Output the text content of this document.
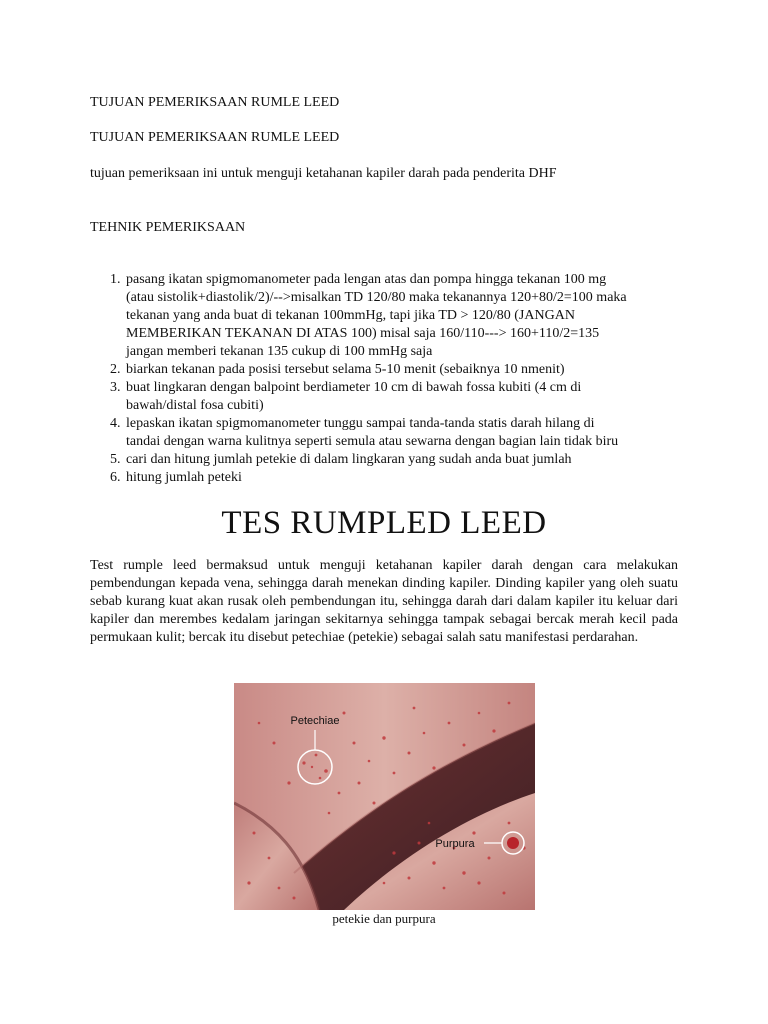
TUJUAN PEMERIKSAAN RUMLE LEED

TUJUAN PEMERIKSAAN RUMLE LEED

tujuan pemeriksaan ini untuk menguji ketahanan kapiler darah pada penderita DHF

TEHNIK PEMERIKSAAN

1. pasang ikatan spigmomanometer pada lengan atas dan pompa hingga tekanan 100 mg
(atau sistolik+diastolik/2)/-->misalkan TD 120/80 maka tekanannya 120+80/2=100 maka
tekanan yang anda buat di tekanan 100mmHg, tapi jika TD > 120/80 (JANGAN
MEMBERIKAN TEKANAN DI ATAS 100) misal saja 160/110---> 160+110/2=135
jangan memberi tekanan 135 cukup di 100 mmHg saja
2. biarkan tekanan pada posisi tersebut selama 5-10 menit (sebaiknya 10 nmenit)
3. buat lingkaran dengan balpoint berdiameter 10 cm di bawah fossa kubiti (4 cm di
bawah/distal fosa cubiti)
4. lepaskan ikatan spigmomanometer tunggu sampai tanda-tanda statis darah hilang di
tandai dengan warna kulitnya seperti semula atau sewarna dengan bagian lain tidak biru
5. cari dan hitung jumlah petekie di dalam lingkaran yang sudah anda buat jumlah
6. hitung jumlah peteki
TES RUMPLED LEED

Test rumple leed bermaksud untuk menguji ketahanan kapiler darah dengan cara melakukan pembendungan kepada vena, sehingga darah menekan dinding kapiler. Dinding kapiler yang oleh suatu sebab kurang kuat akan rusak oleh pembendungan itu, sehingga darah dari dalam kapiler itu keluar dari kapiler dan merembes kedalam jaringan sekitarnya sehingga tampak sebagai bercak merah kecil pada permukaan kulit; bercak itu disebut petechiae (petekie) sebagai salah satu manifestasi perdarahan.

Petechiae
Purpura

petekie dan purpura
